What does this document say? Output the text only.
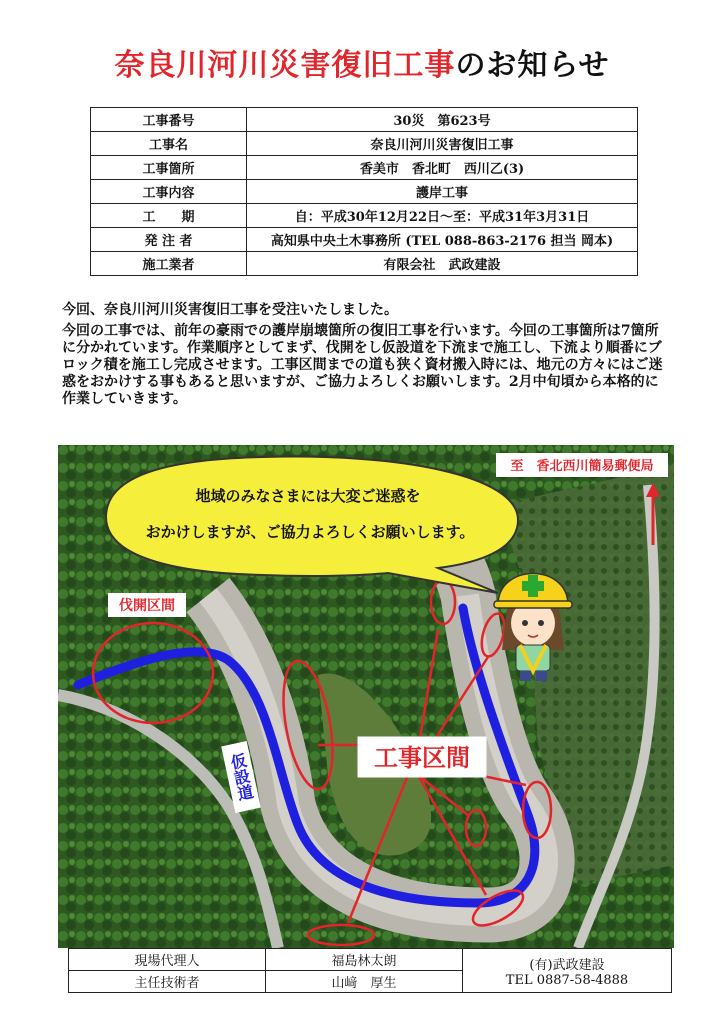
奈良川河川災害復旧工事のお知らせ
工事番号	30災　第623号
工事名	奈良川河川災害復旧工事
工事箇所	香美市　香北町　西川乙(3)
工事内容	護岸工事
工　　期	自：平成30年12月22日～至：平成31年3月31日
発 注 者	高知県中央土木事務所 (TEL 088-863-2176 担当 岡本)
施工業者	有限会社　武政建設

今回、奈良川河川災害復旧工事を受注いたしました。

今回の工事では、前年の豪雨での護岸崩壊箇所の復旧工事を行います。今回の工事箇所は7箇所に分かれています。作業順序としてまず、伐開をし仮設道を下流まで施工し、下流より順番にブロック積を施工し完成させます。工事区間までの道も狭く資材搬入時には、地元の方々にはご迷惑をおかけする事もあると思いますが、ご協力よろしくお願いします。2月中旬頃から本格的に作業していきます。

伐開区間
仮設道	工事区間
至　香北西川簡易郵便局
地域のみなさまには大変ご迷惑を
おかけしますが、ご協力よろしくお願いします。
現場代理人	福島林太朗	(有)武政建設
TEL 0887-58-4888

主任技術者	山﨑　厚生	
